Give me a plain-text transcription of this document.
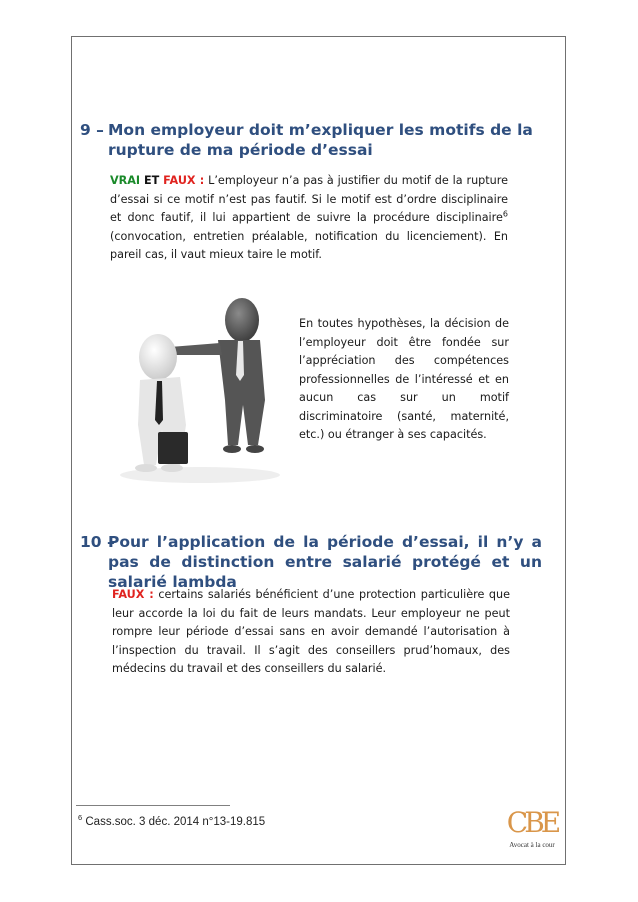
9 – Mon employeur doit m’expliquer les motifs de la rupture de ma période d’essai
VRAI ET FAUX : L’employeur n’a pas à justifier du motif de la rupture d’essai si ce motif n’est pas fautif. Si le motif est d’ordre disciplinaire et donc fautif, il lui appartient de suivre la procédure disciplinaire$^6$ (convocation, entretien préalable, notification du licenciement). En pareil cas, il vaut mieux taire le motif.
En toutes hypothèses, la décision de l’employeur doit être fondée sur l’appréciation des compétences professionnelles de l’intéressé et en aucun cas sur un motif discriminatoire (santé, maternité, etc.) ou étranger à ses capacités.
10 –
Pour l’application de la période d’essai, il n’y a pas de distinction entre salarié protégé et un salarié lambda
FAUX : certains salariés bénéficient d’une protection particulière que leur accorde la loi du fait de leurs mandats. Leur employeur ne peut rompre leur période d’essai sans en avoir demandé l’autorisation à l’inspection du travail. Il s’agit des conseillers prud’homaux, des médecins du travail et des conseillers du salarié.
$^6$ Cass.soc. 3 déc. 2014 n°13-19.815	CBE
Avocat à la cour
